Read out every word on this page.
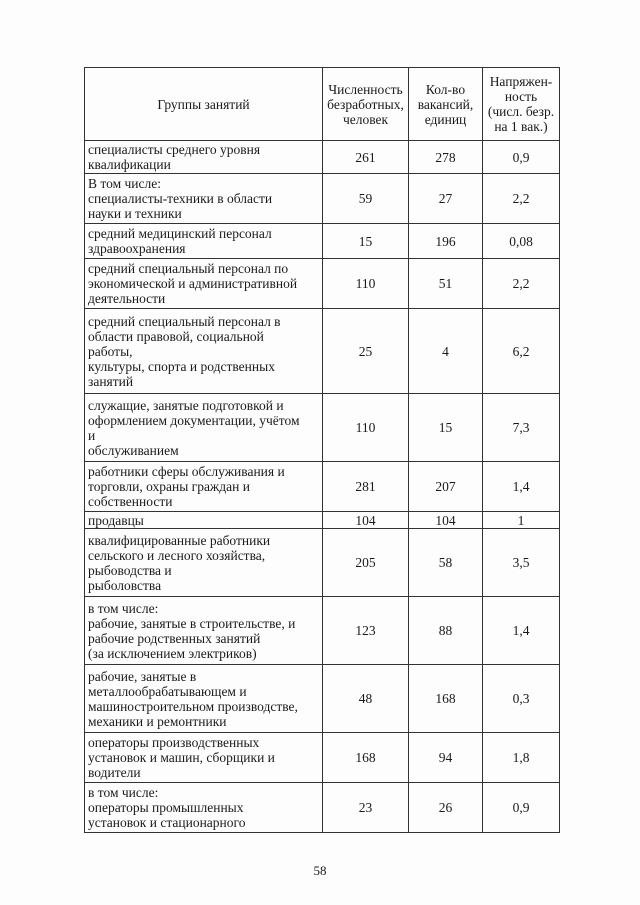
Группы занятий	Численность безработных, человек	Кол-во вакансий, единиц	Напряжен-ность (числ. безр. на 1 вак.)

специалисты среднего уровня
квалификации	261	278	0,9

В том числе:
специалисты-техники в области
науки и техники	59	27	2,2

средний медицинский персонал
здравоохранения	15	196	0,08

средний специальный персонал по
экономической и административной
деятельности	110	51	2,2

средний специальный персонал в
области правовой, социальной
работы,
культуры, спорта и родственных
занятий	25	4	6,2

служащие, занятые подготовкой и
оформлением документации, учётом
и
обслуживанием	110	15	7,3

работники сферы обслуживания и
торговли, охраны граждан и
собственности	281	207	1,4

продавцы	104	104	1

квалифицированные работники
сельского и лесного хозяйства,
рыбоводства и
рыболовства	205	58	3,5

в том числе:
рабочие, занятые в строительстве, и
рабочие родственных занятий
(за исключением электриков)	123	88	1,4

рабочие, занятые в
металлообрабатывающем и
машиностроительном производстве,
механики и ремонтники	48	168	0,3

операторы производственных
установок и машин, сборщики и
водители	168	94	1,8

в том числе:
операторы промышленных
установок и стационарного	23	26	0,9
58
